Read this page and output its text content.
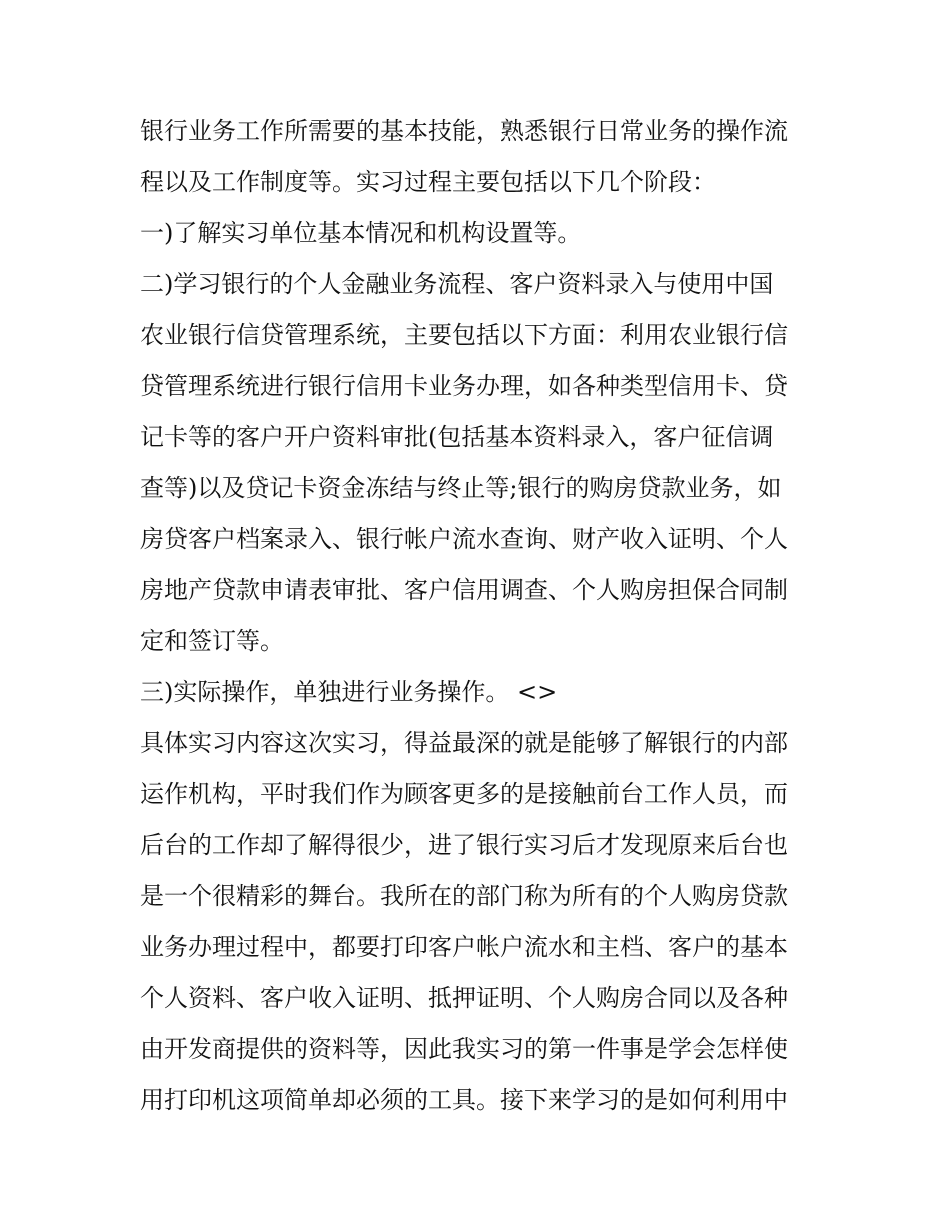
银行业务工作所需要的基本技能，熟悉银行日常业务的操作流
程以及工作制度等。实习过程主要包括以下几个阶段：
一)了解实习单位基本情况和机构设置等。
二)学习银行的个人金融业务流程、客户资料录入与使用中国
农业银行信贷管理系统，主要包括以下方面：利用农业银行信
贷管理系统进行银行信用卡业务办理，如各种类型信用卡、贷
记卡等的客户开户资料审批(包括基本资料录入，客户征信调
查等)以及贷记卡资金冻结与终止等;银行的购房贷款业务，如
房贷客户档案录入、银行帐户流水查询、财产收入证明、个人
房地产贷款申请表审批、客户信用调查、个人购房担保合同制
定和签订等。
三)实际操作，单独进行业务操作。 <>
具体实习内容这次实习，得益最深的就是能够了解银行的内部
运作机构，平时我们作为顾客更多的是接触前台工作人员，而
后台的工作却了解得很少，进了银行实习后才发现原来后台也
是一个很精彩的舞台。我所在的部门称为所有的个人购房贷款
业务办理过程中，都要打印客户帐户流水和主档、客户的基本
个人资料、客户收入证明、抵押证明、个人购房合同以及各种
由开发商提供的资料等，因此我实习的第一件事是学会怎样使
用打印机这项简单却必须的工具。接下来学习的是如何利用中
